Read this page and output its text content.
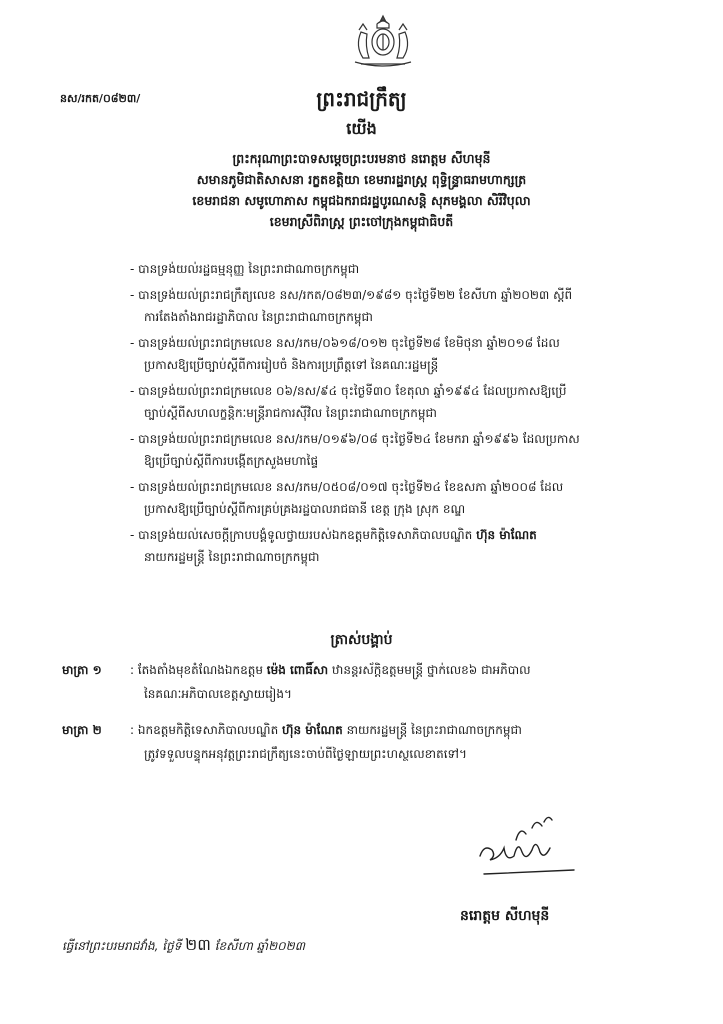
នស/រកត/០៨២៣/	ព្រះរាជក្រឹត្យ
យើង
ព្រះករុណាព្រះបាទសម្តេចព្រះបរមនាថ នរោត្តម សីហមុនី
សមានភូមិជាតិសាសនា រក្ខតខត្តិយា ខេមរារដ្ឋរាស្ត្រ ពុទ្ធិន្ទ្រាធរាមហាក្សត្រ
ខេមរាជនា សមូហោភាស កម្ពុជឯករាជរដ្ឋបូរណសន្តិ សុភមង្គលា សិរីវិបុលា
ខេមរាស្រីពិរាស្ត្រ ព្រះចៅក្រុងកម្ពុជាធិបតី
- បានទ្រង់យល់រដ្ឋធម្មនុញ្ញ នៃព្រះរាជាណាចក្រកម្ពុជា
- បានទ្រង់យល់ព្រះរាជក្រឹត្យលេខ នស/រកត/០៨២៣/១៩៨១ ចុះថ្ងៃទី២២ ខែសីហា ឆ្នាំ២០២៣ ស្តីពី
ការតែងតាំងរាជរដ្ឋាភិបាល នៃព្រះរាជាណាចក្រកម្ពុជា
- បានទ្រង់យល់ព្រះរាជក្រមលេខ នស/រកម/០៦១៨/០១២ ចុះថ្ងៃទី២៨ ខែមិថុនា ឆ្នាំ២០១៨ ដែល
ប្រកាសឱ្យប្រើច្បាប់ស្តីពីការរៀបចំ និងការប្រព្រឹត្តទៅ នៃគណៈរដ្ឋមន្ត្រី
- បានទ្រង់យល់ព្រះរាជក្រមលេខ ០៦/នស/៩៤ ចុះថ្ងៃទី៣០ ខែតុលា ឆ្នាំ១៩៩៤ ដែលប្រកាសឱ្យប្រើ
ច្បាប់ស្តីពីសហលក្ខន្តិកៈមន្ត្រីរាជការស៊ីវិល នៃព្រះរាជាណាចក្រកម្ពុជា
- បានទ្រង់យល់ព្រះរាជក្រមលេខ នស/រកម/០១៩៦/០៨ ចុះថ្ងៃទី២៤ ខែមករា ឆ្នាំ១៩៩៦ ដែលប្រកាស
ឱ្យប្រើច្បាប់ស្តីពីការបង្កើតក្រសួងមហាផ្ទៃ
- បានទ្រង់យល់ព្រះរាជក្រមលេខ នស/រកម/០៥០៨/០១៧ ចុះថ្ងៃទី២៤ ខែឧសភា ឆ្នាំ២០០៨ ដែល
ប្រកាសឱ្យប្រើច្បាប់ស្តីពីការគ្រប់គ្រងរដ្ឋបាលរាជធានី ខេត្ត ក្រុង ស្រុក ខណ្ឌ
- បានទ្រង់យល់សេចក្តីក្រាបបង្គំទូលថ្វាយរបស់ឯកឧត្តមកិត្តិទេសាភិបាលបណ្ឌិត ហ៊ុន ម៉ាណែត
នាយករដ្ឋមន្ត្រី នៃព្រះរាជាណាចក្រកម្ពុជា
ត្រាស់បង្គាប់
មាត្រា ១ : តែងតាំងមុខតំណែងឯកឧត្តម ម៉េង ពោធិ៍សា ឋានន្តរស័ក្តិឧត្តមមន្ត្រី ថ្នាក់លេខ៦ ជាអភិបាល
នៃគណៈអភិបាលខេត្តស្វាយរៀង។
មាត្រា ២ : ឯកឧត្តមកិត្តិទេសាភិបាលបណ្ឌិត ហ៊ុន ម៉ាណែត នាយករដ្ឋមន្ត្រី នៃព្រះរាជាណាចក្រកម្ពុជា
ត្រូវទទួលបន្ទុកអនុវត្តព្រះរាជក្រឹត្យនេះចាប់ពីថ្ងៃឡាយព្រះហស្ថលេខាតទៅ។
នរោត្តម សីហមុនី
ធ្វើនៅព្រះបរមរាជវាំង, ថ្ងៃទី ២៣ ខែសីហា ឆ្នាំ២០២៣
